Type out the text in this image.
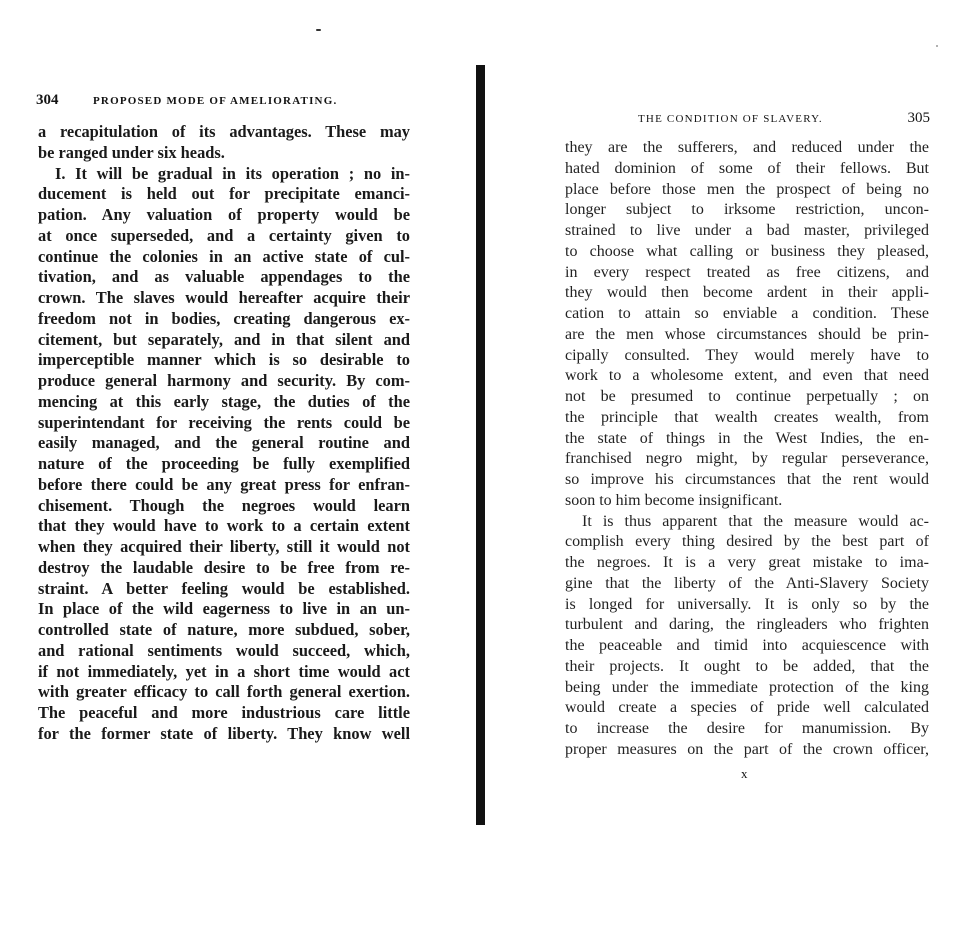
304	PROPOSED MODE OF AMELIORATING.
a recapitulation of its advantages. These may
be ranged under six heads.
I. It will be gradual in its operation ; no in-
ducement is held out for precipitate emanci-
pation. Any valuation of property would be
at once superseded, and a certainty given to
continue the colonies in an active state of cul-
tivation, and as valuable appendages to the
crown. The slaves would hereafter acquire their
freedom not in bodies, creating dangerous ex-
citement, but separately, and in that silent and
imperceptible manner which is so desirable to
produce general harmony and security. By com-
mencing at this early stage, the duties of the
superintendant for receiving the rents could be
easily managed, and the general routine and
nature of the proceeding be fully exemplified
before there could be any great press for enfran-
chisement. Though the negroes would learn
that they would have to work to a certain extent
when they acquired their liberty, still it would not
destroy the laudable desire to be free from re-
straint. A better feeling would be established.
In place of the wild eagerness to live in an un-
controlled state of nature, more subdued, sober,
and rational sentiments would succeed, which,
if not immediately, yet in a short time would act
with greater efficacy to call forth general exertion.
The peaceful and more industrious care little
for the former state of liberty. They know well
THE CONDITION OF SLAVERY.	305
they are the sufferers, and reduced under the
hated dominion of some of their fellows. But
place before those men the prospect of being no
longer subject to irksome restriction, uncon-
strained to live under a bad master, privileged
to choose what calling or business they pleased,
in every respect treated as free citizens, and
they would then become ardent in their appli-
cation to attain so enviable a condition. These
are the men whose circumstances should be prin-
cipally consulted. They would merely have to
work to a wholesome extent, and even that need
not be presumed to continue perpetually ; on
the principle that wealth creates wealth, from
the state of things in the West Indies, the en-
franchised negro might, by regular perseverance,
so improve his circumstances that the rent would
soon to him become insignificant.
It is thus apparent that the measure would ac-
complish every thing desired by the best part of
the negroes. It is a very great mistake to ima-
gine that the liberty of the Anti-Slavery Society
is longed for universally. It is only so by the
turbulent and daring, the ringleaders who frighten
the peaceable and timid into acquiescence with
their projects. It ought to be added, that the
being under the immediate protection of the king
would create a species of pride well calculated
to increase the desire for manumission. By
proper measures on the part of the crown officer,
x
